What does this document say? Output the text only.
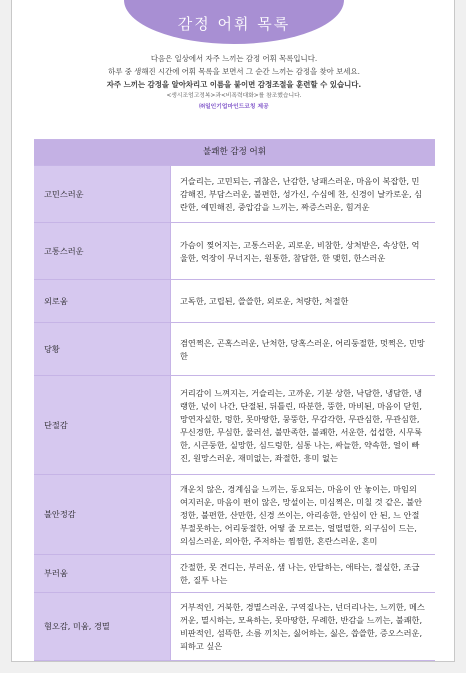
감정 어휘 목록
다음은 일상에서 자주 느끼는 감정 어휘 목록입니다.
하루 중 생해진 시간에 어휘 목록을 보면서 그 순간 느끼는 감정을 찾아 보세요.
자주 느끼는 감정을 알아차리고 이름을 붙이면 감정조절을 훈련할 수 있습니다.
<생시조엄고정복>과<비폭력대화>를 참조했습니다.
㈜일인기업마인드코칭 제공
불쾌한 감정 어휘
고민스러운
거슬리는, 고민되는, 귀찮은, 난감한, 낭패스러운, 마음이 복잡한, 민감해진, 부담스러운, 불편한, 성가신, 수심에 찬, 신경이 날카로운, 심란한, 예민해진, 중압감을 느끼는, 짜증스러운, 힘겨운
고통스러운
가슴이 찢어지는, 고통스러운, 괴로운, 비참한, 상처받은, 속상한, 억울한, 억장이 무너지는, 원통한, 참담한, 한 맺힌, 한스러운
외로움	고독한, 고립된, 쓸쓸한, 외로운, 처량한, 처절한
당황
겸연쩍은, 곤혹스러운, 난처한, 당혹스러운, 어리둥절한, 멋쩍은, 민망한
단절감
거리감이 느껴지는, 거슬리는, 고까운, 기분 상한, 낙담한, 냉담한, 냉랭한, 넋이 나간, 단절된, 뒤틀린, 따분한, 뚱한, 마비된, 마음이 닫힌, 망연자실한, 멍한, 못마땅한, 뭉뚱한, 무감각한, 무관심한, 무관심한, 무신경한, 무심한, 물러선, 불만족한, 불쾌한, 서운한, 섭섭한, 시무룩한, 시큰둥한, 실망한, 심드렁한, 심통 나는, 싸늘한, 약속한, 얼이 빠진, 원망스러운, 재미없는, 좌절한, 흥미 없는
불안정감
개운치 않은, 경계심을 느끼는, 동요되는, 마음이 안 놓이는, 마임의 여지러운, 마음이 편이 않은, 망설이는, 미심쩍은, 미칠 것 같은, 불안정한, 불편한, 산만한, 신경 쓰이는, 아리송한, 안심이 안 된, 느 안절부절못하는, 어리둥절한, 어떻 줄 모르는, 얼떨떨한, 의구심이 드는, 의심스러운, 의아한, 주저하는 찜찜한, 혼란스러운, 혼미
부러움
간절한, 못 견디는, 부러운, 샘 나는, 안달하는, 애타는, 절실한, 조급한, 질투 나는
혐오감, 미움, 경멸
거부적인, 거북한, 경멸스러운, 구역질나는, 넌더리나는, 느끼한, 메스꺼운, 멸시하는, 모욕하는, 못마땅한, 무례한, 반감을 느끼는, 불쾌한, 비판적인, 섬뜩한, 소름 끼치는, 싫어하는, 싫은, 씁쓸한, 증오스러운, 피하고 싶은
